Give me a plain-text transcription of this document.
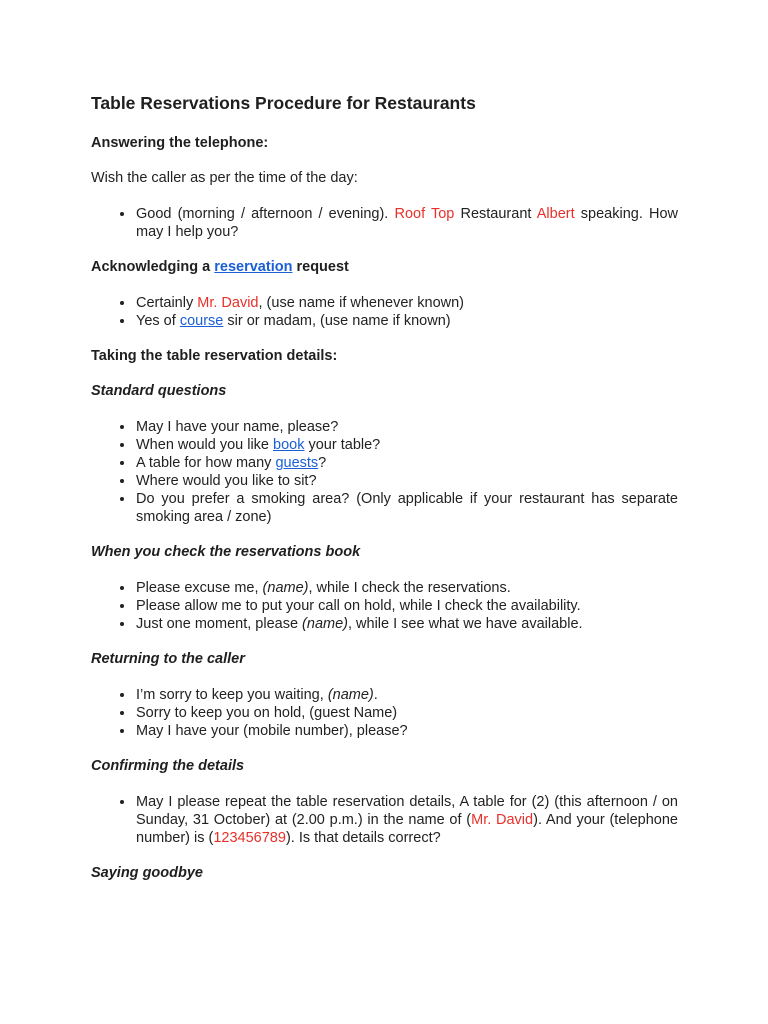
Table Reservations Procedure for Restaurants
Answering the telephone:

Wish the caller as per the time of the day:

• Good (morning / afternoon / evening). Roof Top Restaurant Albert speaking. How may I help you?
Acknowledging a reservation request
• Certainly Mr. David, (use name if whenever known)
• Yes of course sir or madam, (use name if known)
Taking the table reservation details:
Standard questions
• May I have your name, please?
• When would you like book your table?
• A table for how many guests?
• Where would you like to sit?
• Do you prefer a smoking area? (Only applicable if your restaurant has separate smoking area / zone)
When you check the reservations book
• Please excuse me, (name), while I check the reservations.
• Please allow me to put your call on hold, while I check the availability.
• Just one moment, please (name), while I see what we have available.
Returning to the caller
• I’m sorry to keep you waiting, (name).
• Sorry to keep you on hold, (guest Name)
• May I have your (mobile number), please?
Confirming the details
• May I please repeat the table reservation details, A table for (2) (this afternoon / on Sunday, 31 October) at (2.00 p.m.) in the name of (Mr. David). And your (telephone number) is (123456789). Is that details correct?
Saying goodbye
